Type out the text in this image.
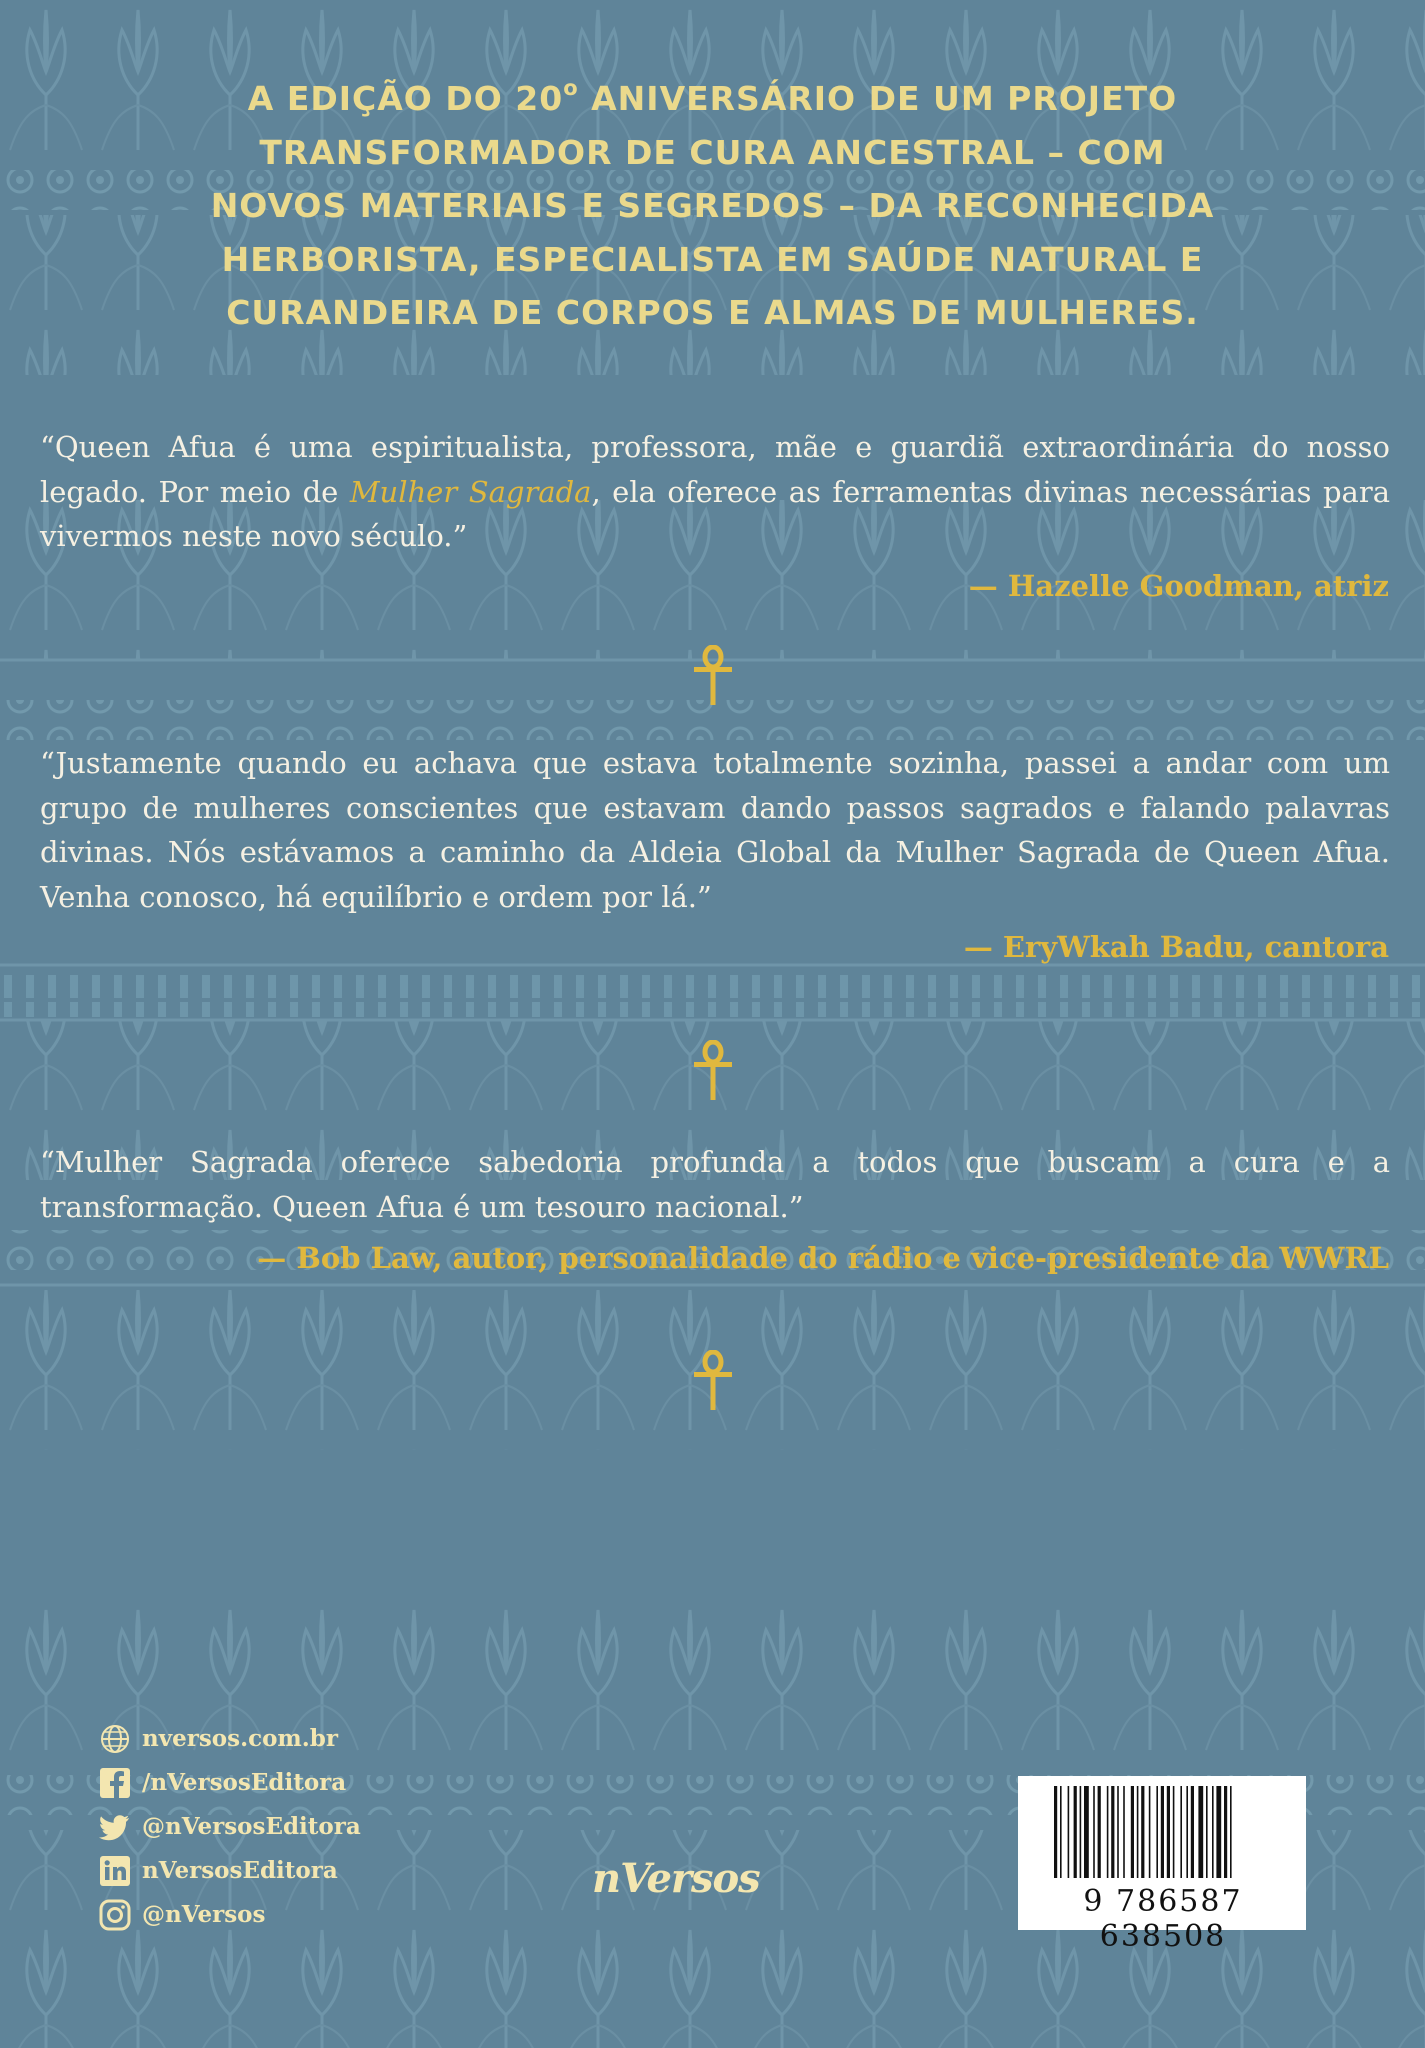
A EDIÇÃO DO 20$^o$ ANIVERSÁRIO DE UM PROJETO
TRANSFORMADOR DE CURA ANCESTRAL – COM
NOVOS MATERIAIS E SEGREDOS – DA RECONHECIDA
HERBORISTA, ESPECIALISTA EM SAÚDE NATURAL E
CURANDEIRA DE CORPOS E ALMAS DE MULHERES.
“Queen Afua é uma espiritualista, professora, mãe e guardiã extraordinária do nosso legado. Por meio de Mulher Sagrada, ela oferece as ferramentas divinas necessárias para vivermos neste novo século.”
— Hazelle Goodman, atriz
“Justamente quando eu achava que estava totalmente sozinha, passei a andar com um grupo de mulheres conscientes que estavam dando passos sagrados e falando palavras divinas. Nós estávamos a caminho da Aldeia Global da Mulher Sagrada de Queen Afua. Venha conosco, há equilíbrio e ordem por lá.”
— EryWkah Badu, cantora
“Mulher Sagrada oferece sabedoria profunda a todos que buscam a cura e a transformação. Queen Afua é um tesouro nacional.”
— Bob Law, autor, personalidade do rádio e vice-presidente da WWRL
nversos.com.br
/nVersosEditora
@nVersosEditora
nVersosEditora
@nVersos
nVersos	9 786587 638508
